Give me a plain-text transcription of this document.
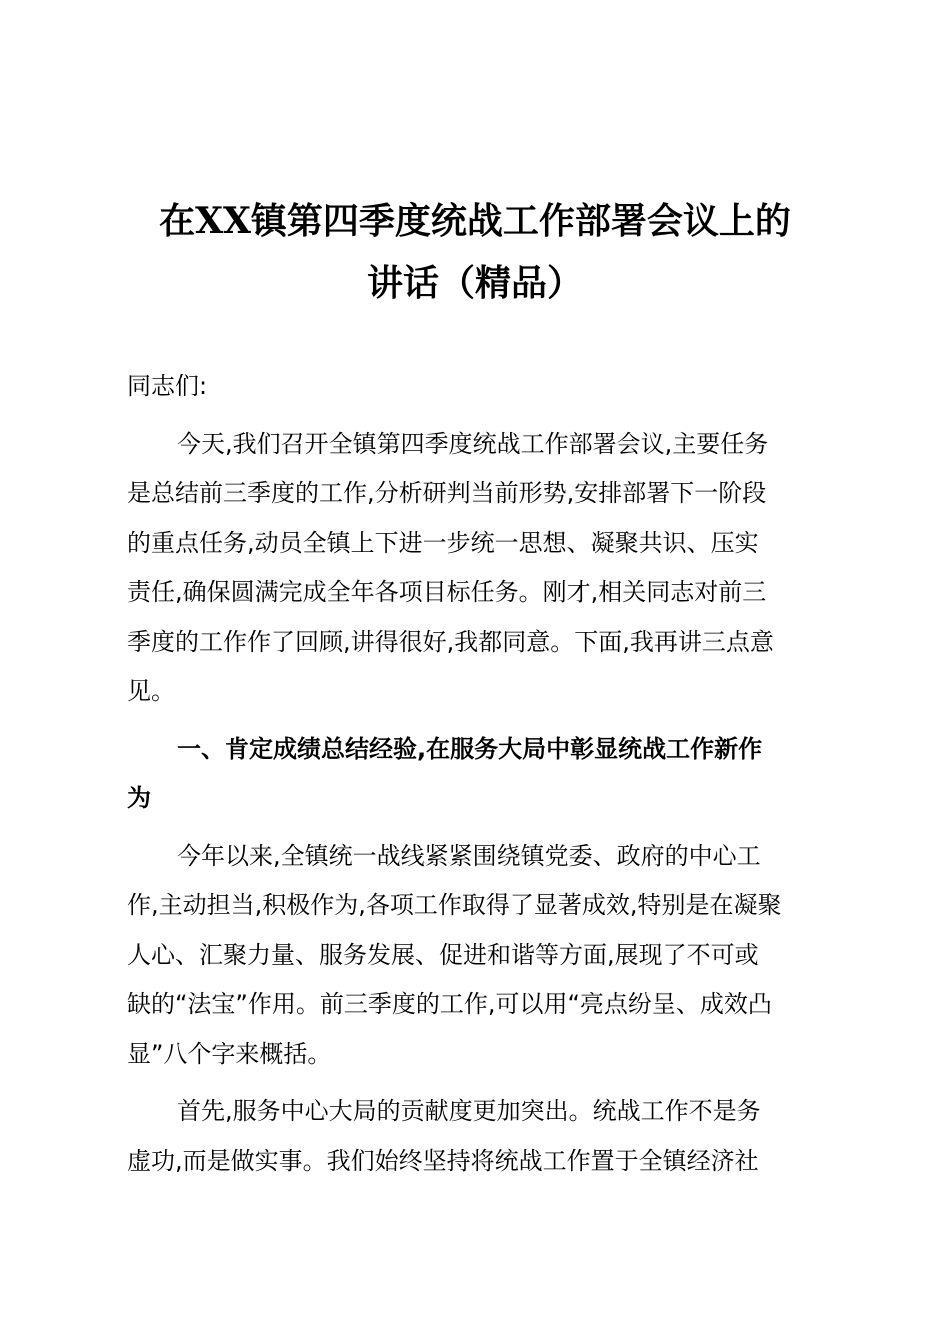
在XX镇第四季度统战工作部署会议上的
讲话（精品）
同志们:
今天,我们召开全镇第四季度统战工作部署会议,主要任务
是总结前三季度的工作,分析研判当前形势,安排部署下一阶段
的重点任务,动员全镇上下进一步统一思想、凝聚共识、压实
责任,确保圆满完成全年各项目标任务。刚才,相关同志对前三
季度的工作作了回顾,讲得很好,我都同意。下面,我再讲三点意
见。
一、肯定成绩总结经验,在服务大局中彰显统战工作新作
为
今年以来,全镇统一战线紧紧围绕镇党委、政府的中心工
作,主动担当,积极作为,各项工作取得了显著成效,特别是在凝聚
人心、汇聚力量、服务发展、促进和谐等方面,展现了不可或
缺的“法宝”作用。前三季度的工作,可以用“亮点纷呈、成效凸
显”八个字来概括。
首先,服务中心大局的贡献度更加突出。统战工作不是务
虚功,而是做实事。我们始终坚持将统战工作置于全镇经济社
